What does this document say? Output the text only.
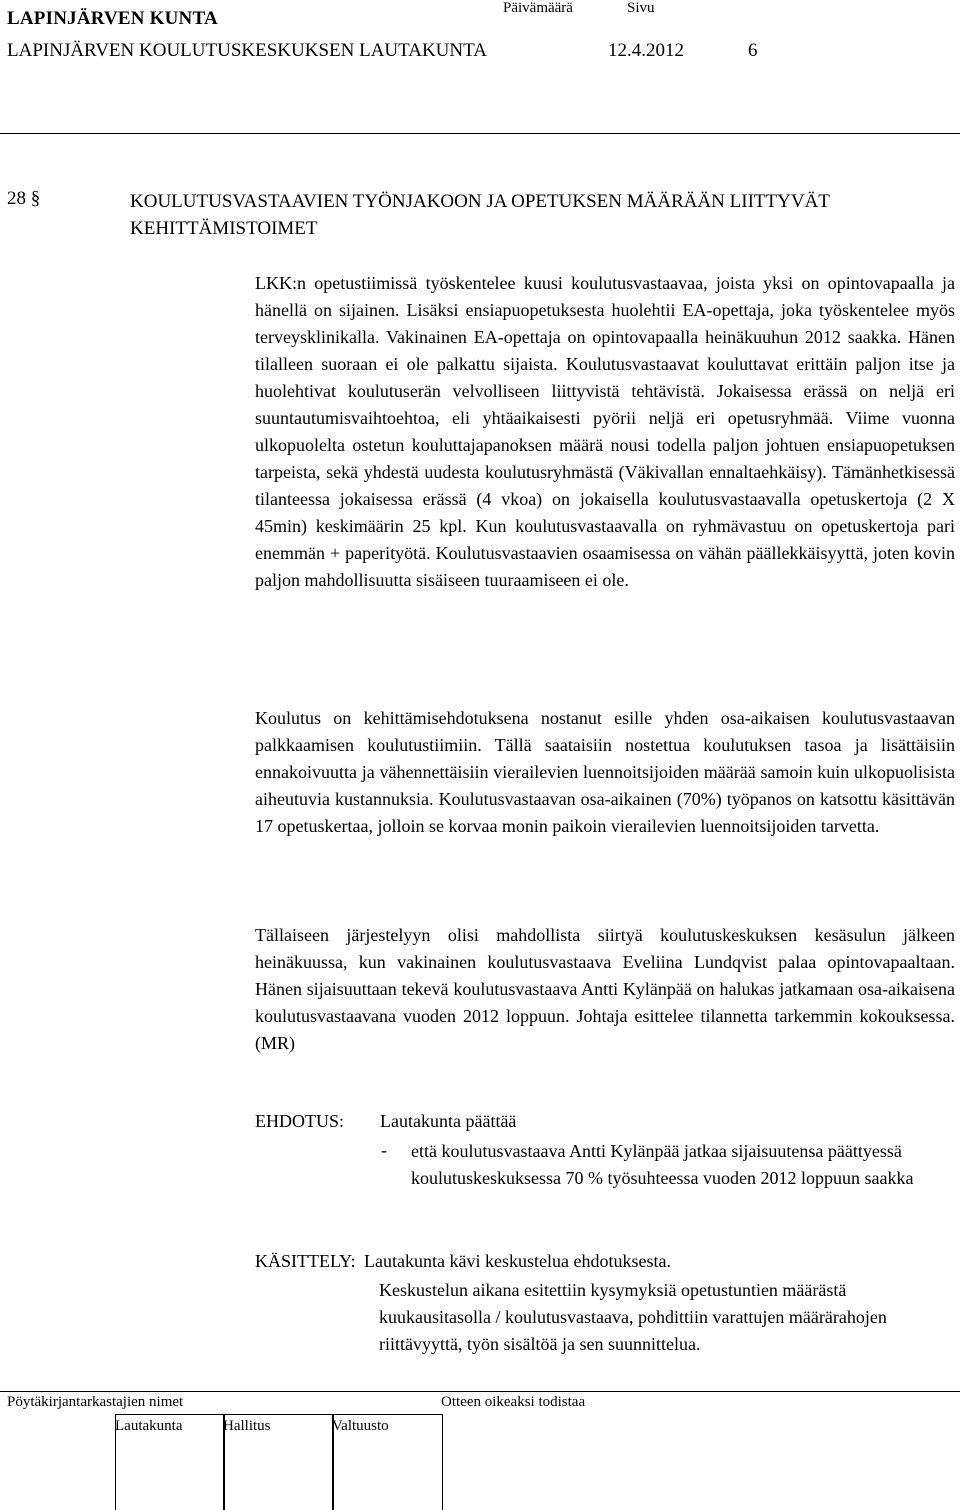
LAPINJÄRVEN KUNTA	Päivämäärä	Sivu
LAPINJÄRVEN KOULUTUSKESKUKSEN LAUTAKUNTA	12.4.2012	6
28 §	KOULUTUSVASTAAVIEN TYÖNJAKOON JA OPETUKSEN MÄÄRÄÄN LIITTYVÄT KEHITTÄMISTOIMET

LKK:n opetustiimissä työskentelee kuusi koulutusvastaavaa, joista yksi on opintovapaalla ja hänellä on sijainen. Lisäksi ensiapuopetuksesta huolehtii EA-opettaja, joka työskentelee myös terveysklinikalla. Vakinainen EA-opettaja on opintovapaalla heinäkuuhun 2012 saakka. Hänen tilalleen suoraan ei ole palkattu sijaista. Koulutusvastaavat kouluttavat erittäin paljon itse ja huolehtivat koulutuserän velvolliseen liittyvistä tehtävistä. Jokaisessa erässä on neljä eri suuntautumisvaihtoehtoa, eli yhtäaikaisesti pyörii neljä eri opetusryhmää. Viime vuonna ulkopuolelta ostetun kouluttajapanoksen määrä nousi todella paljon johtuen ensiapuopetuksen tarpeista, sekä yhdestä uudesta koulutusryhmästä (Väkivallan ennaltaehkäisy). Tämänhetkisessä tilanteessa jokaisessa erässä (4 vkoa) on jokaisella koulutusvastaavalla opetuskertoja (2 X 45min) keskimäärin 25 kpl. Kun koulutusvastaavalla on ryhmävastuu on opetuskertoja pari enemmän + paperityötä. Koulutusvastaavien osaamisessa on vähän päällekkäisyyttä, joten kovin paljon mahdollisuutta sisäiseen tuuraamiseen ei ole.

Koulutus on kehittämisehdotuksena nostanut esille yhden osa-aikaisen koulutusvastaavan palkkaamisen koulutustiimiin. Tällä saataisiin nostettua koulutuksen tasoa ja lisättäisiin ennakoivuutta ja vähennettäisiin vierailevien luennoitsijoiden määrää samoin kuin ulkopuolisista aiheutuvia kustannuksia. Koulutusvastaavan osa-aikainen (70%) työpanos on katsottu käsittävän 17 opetuskertaa, jolloin se korvaa monin paikoin vierailevien luennoitsijoiden tarvetta.

Tällaiseen järjestelyyn olisi mahdollista siirtyä koulutuskeskuksen kesäsulun jälkeen heinäkuussa, kun vakinainen koulutusvastaava Eveliina Lundqvist palaa opintovapaaltaan. Hänen sijaisuuttaan tekevä koulutusvastaava Antti Kylänpää on halukas jatkamaan osa-aikaisena koulutusvastaavana vuoden 2012 loppuun. Johtaja esittelee tilannetta tarkemmin kokouksessa. (MR)

EHDOTUS: Lautakunta päättää
- että koulutusvastaava Antti Kylänpää jatkaa sijaisuutensa päättyessä koulutuskeskuksessa 70 % työsuhteessa vuoden 2012 loppuun saakka
KÄSITTELY: Lautakunta kävi keskustelua ehdotuksesta.
Keskustelun aikana esitettiin kysymyksiä opetustuntien määrästä kuukausitasolla / koulutusvastaava, pohdittiin varattujen määrärahojen riittävyyttä, työn sisältöä ja sen suunnittelua.
Pöytäkirjantarkastajien nimet	Otteen oikeaksi todistaa
Lautakunta	Hallitus	Valtuusto
